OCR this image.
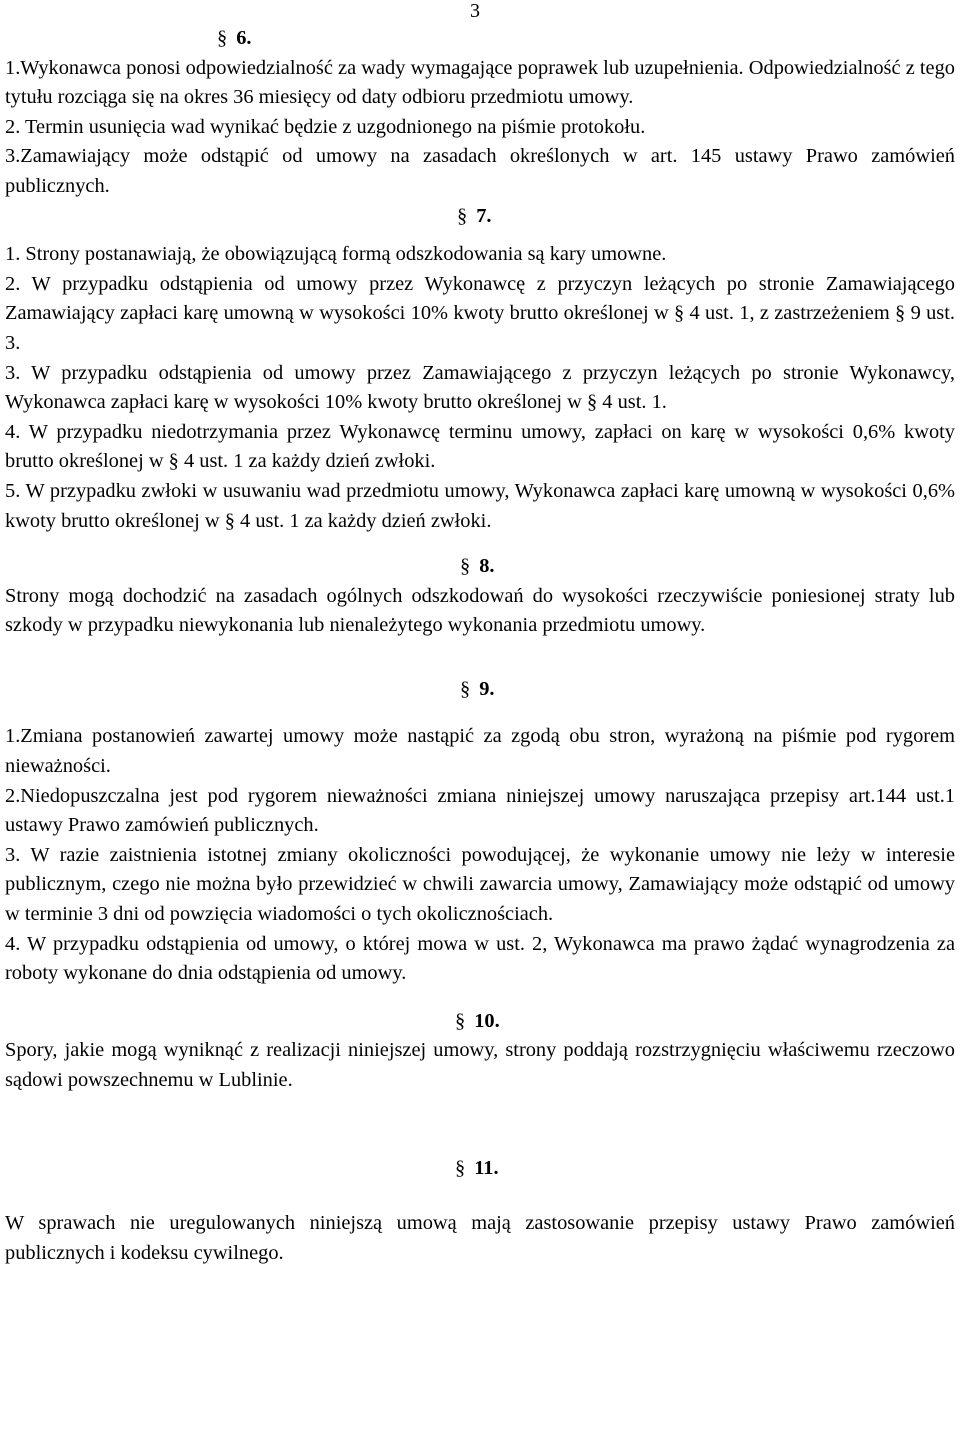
3
§ 6.

1.Wykonawca ponosi odpowiedzialność za wady wymagające poprawek lub uzupełnienia. Odpowiedzialność z tego tytułu rozciąga się na okres 36 miesięcy od daty odbioru przedmiotu umowy.

2. Termin usunięcia wad wynikać będzie z uzgodnionego na piśmie protokołu.

3.Zamawiający może odstąpić od umowy na zasadach określonych w art. 145 ustawy Prawo zamówień publicznych.

§ 7.

1. Strony postanawiają, że obowiązującą formą odszkodowania są kary umowne.

2. W przypadku odstąpienia od umowy przez Wykonawcę z przyczyn leżących po stronie Zamawiającego Zamawiający zapłaci karę umowną w wysokości 10% kwoty brutto określonej w § 4 ust. 1, z zastrzeżeniem § 9 ust. 3.

3. W przypadku odstąpienia od umowy przez Zamawiającego z przyczyn leżących po stronie Wykonawcy, Wykonawca zapłaci karę w wysokości 10% kwoty brutto określonej w § 4 ust. 1.

4. W przypadku niedotrzymania przez Wykonawcę terminu umowy, zapłaci on karę w wysokości 0,6% kwoty brutto określonej w § 4 ust. 1 za każdy dzień zwłoki.

5. W przypadku zwłoki w usuwaniu wad przedmiotu umowy, Wykonawca zapłaci karę umowną w wysokości 0,6% kwoty brutto określonej w § 4 ust. 1 za każdy dzień zwłoki.

§ 8.

Strony mogą dochodzić na zasadach ogólnych odszkodowań do wysokości rzeczywiście poniesionej straty lub szkody w przypadku niewykonania lub nienależytego wykonania przedmiotu umowy.

§ 9.

1.Zmiana postanowień zawartej umowy może nastąpić za zgodą obu stron, wyrażoną na piśmie pod rygorem nieważności.

2.Niedopuszczalna jest pod rygorem nieważności zmiana niniejszej umowy naruszająca przepisy art.144 ust.1 ustawy Prawo zamówień publicznych.

3. W razie zaistnienia istotnej zmiany okoliczności powodującej, że wykonanie umowy nie leży w interesie publicznym, czego nie można było przewidzieć w chwili zawarcia umowy, Zamawiający może odstąpić od umowy w terminie 3 dni od powzięcia wiadomości o tych okolicznościach.

4. W przypadku odstąpienia od umowy, o której mowa w ust. 2, Wykonawca ma prawo żądać wynagrodzenia za roboty wykonane do dnia odstąpienia od umowy.

§ 10.

Spory, jakie mogą wyniknąć z realizacji niniejszej umowy, strony poddają rozstrzygnięciu właściwemu rzeczowo sądowi powszechnemu w Lublinie.

§ 11.

W sprawach nie uregulowanych niniejszą umową mają zastosowanie przepisy ustawy Prawo zamówień publicznych i kodeksu cywilnego.
